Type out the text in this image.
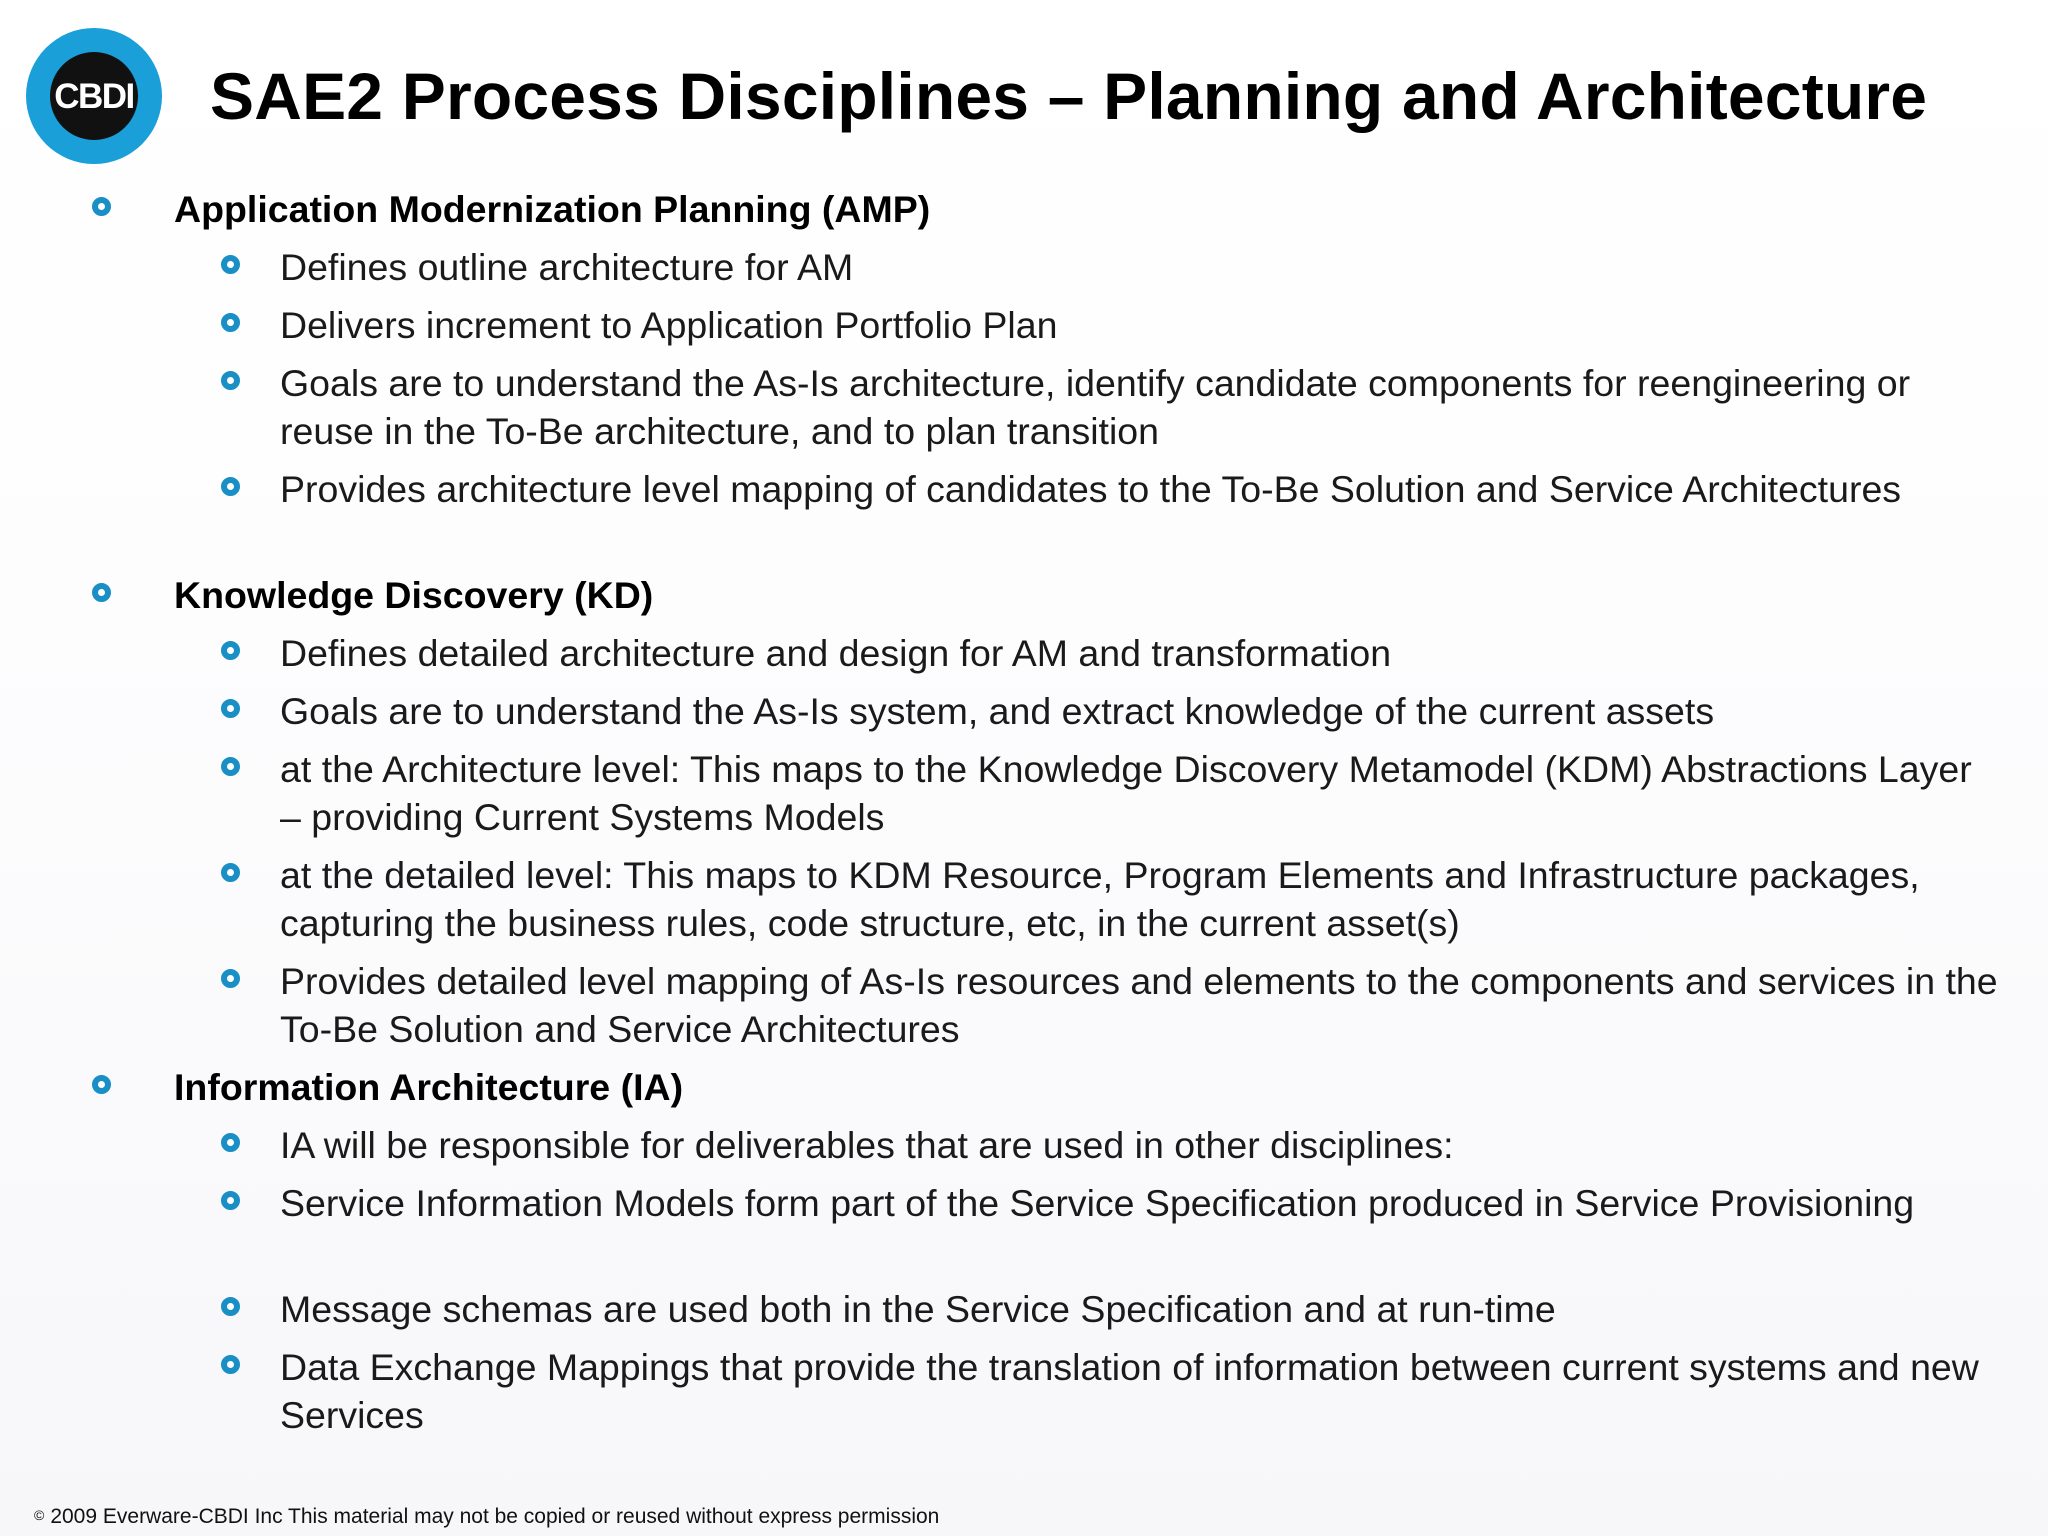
CBDI SAE2 Process Disciplines – Planning and Architecture
Application Modernization Planning (AMP)
Defines outline architecture for AM
Delivers increment to Application Portfolio Plan
Goals are to understand the As-Is architecture, identify candidate components for reengineering or reuse in the To-Be architecture, and to plan transition
Provides architecture level mapping of candidates to the To-Be Solution and Service Architectures
Knowledge Discovery (KD)
Defines detailed architecture and design for AM and transformation
Goals are to understand the As-Is system, and extract knowledge of the current assets
at the Architecture level: This maps to the Knowledge Discovery Metamodel (KDM) Abstractions Layer – providing Current Systems Models
at the detailed level: This maps to KDM Resource, Program Elements and Infrastructure packages, capturing the business rules, code structure, etc, in the current asset(s)
Provides detailed level mapping of As-Is resources and elements to the components and services in the To-Be Solution and Service Architectures
Information Architecture (IA)
IA will be responsible for deliverables that are used in other disciplines:
Service Information Models form part of the Service Specification produced in Service Provisioning
Message schemas are used both in the Service Specification and at run-time
Data Exchange Mappings that provide the translation of information between current systems and new Services
© 2009 Everware-CBDI Inc This material may not be copied or reused without express permission
